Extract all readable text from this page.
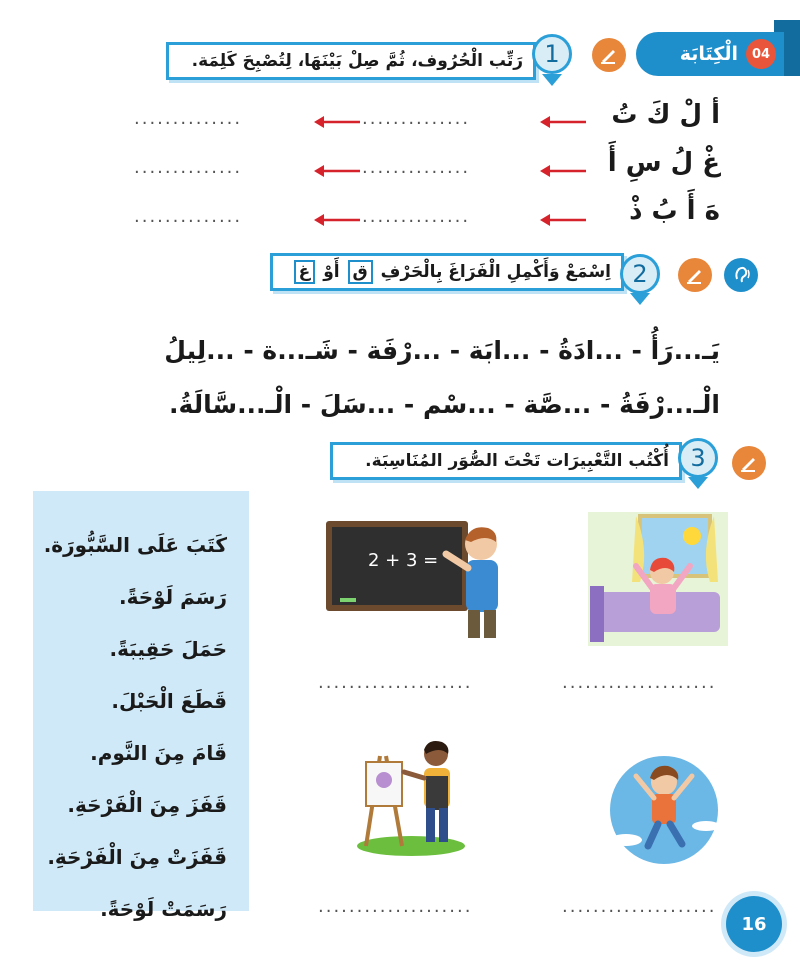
الْكِتَابَة	04
رَتِّب الْحُرُوف، ثُمَّ صِلْ بَيْنَهَا، لِتُصْبِحَ كَلِمَة. 1
أ لْ كَ تُ
غْ لُ سِ أَ
هَ أَ بُ ذْ
..............
..............
..............
..............
..............
..............
اِسْمَعْ وَأَكْمِلِ الْفَرَاغَ بِالْحَرْفِ ق أَوْ غ	2
يَـ...رَأُ - ...ادَةُ - ...ابَة - ...رْفَة - شَـ...ة - ...لِيلُ
الْـ...رْفَةُ - ...صَّة - ...سْم - ...سَلَ - الْـ...سَّالَةُ.
أُكْتُب التَّعْبِيرَات تَحْتَ الصُّوَر المُنَاسِبَة. 3
كَتَبَ عَلَى السَّبُّورَة.
رَسَمَ لَوْحَةً.
حَمَلَ حَقِيبَةً.
قَطَعَ الْحَبْلَ.
قَامَ مِنَ النَّوم.
قَفَزَ مِنَ الْفَرْحَةِ.
قَفَزَتْ مِنَ الْفَرْحَةِ.
رَسَمَتْ لَوْحَةً.
2 + 3 =
....................
....................
....................
....................
16
